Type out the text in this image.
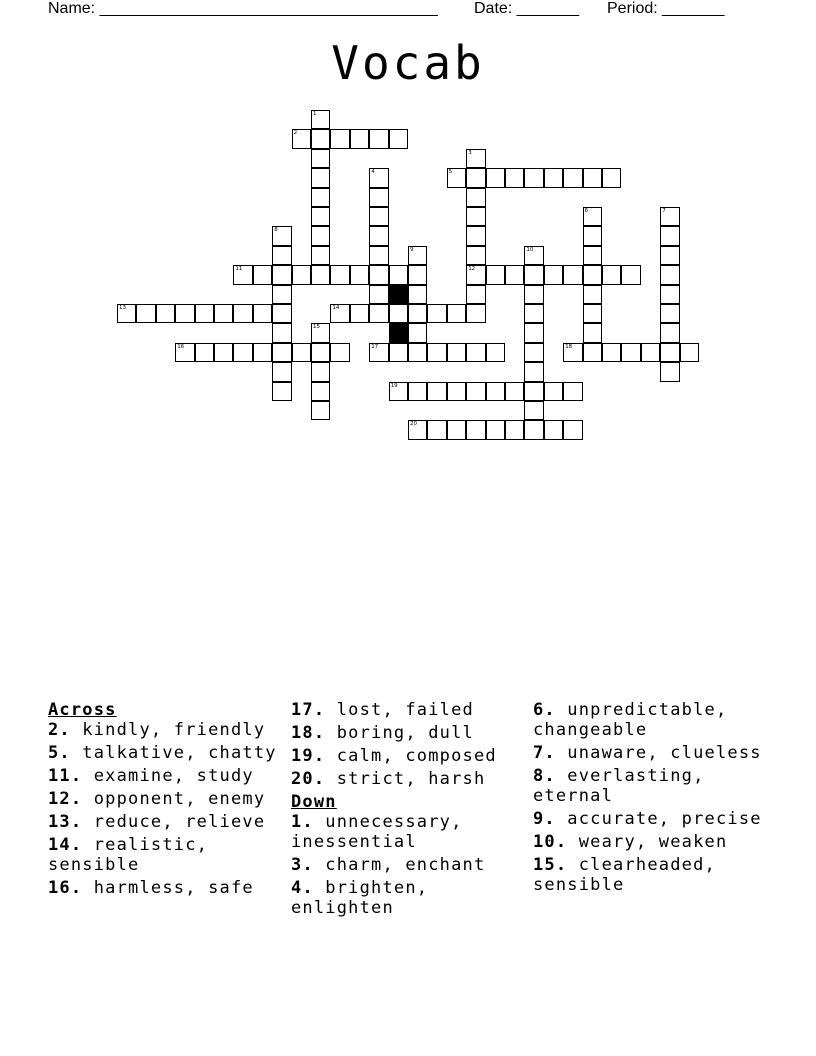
Name: ______________________________________ Date: _______ Period: _______
Vocab
1
2
3
12
4	5
6	7
8
9	10
11
13	14
15
16	17	18
19
20
Across
2. kindly, friendly
5. talkative, chatty
11. examine, study
12. opponent, enemy
13. reduce, relieve
14. realistic, sensible
16. harmless, safe
17. lost, failed
18. boring, dull
19. calm, composed
20. strict, harsh
Down
1. unnecessary, inessential
3. charm, enchant
4. brighten, enlighten
6. unpredictable, changeable
7. unaware, clueless
8. everlasting, eternal
9. accurate, precise
10. weary, weaken
15. clearheaded, sensible
